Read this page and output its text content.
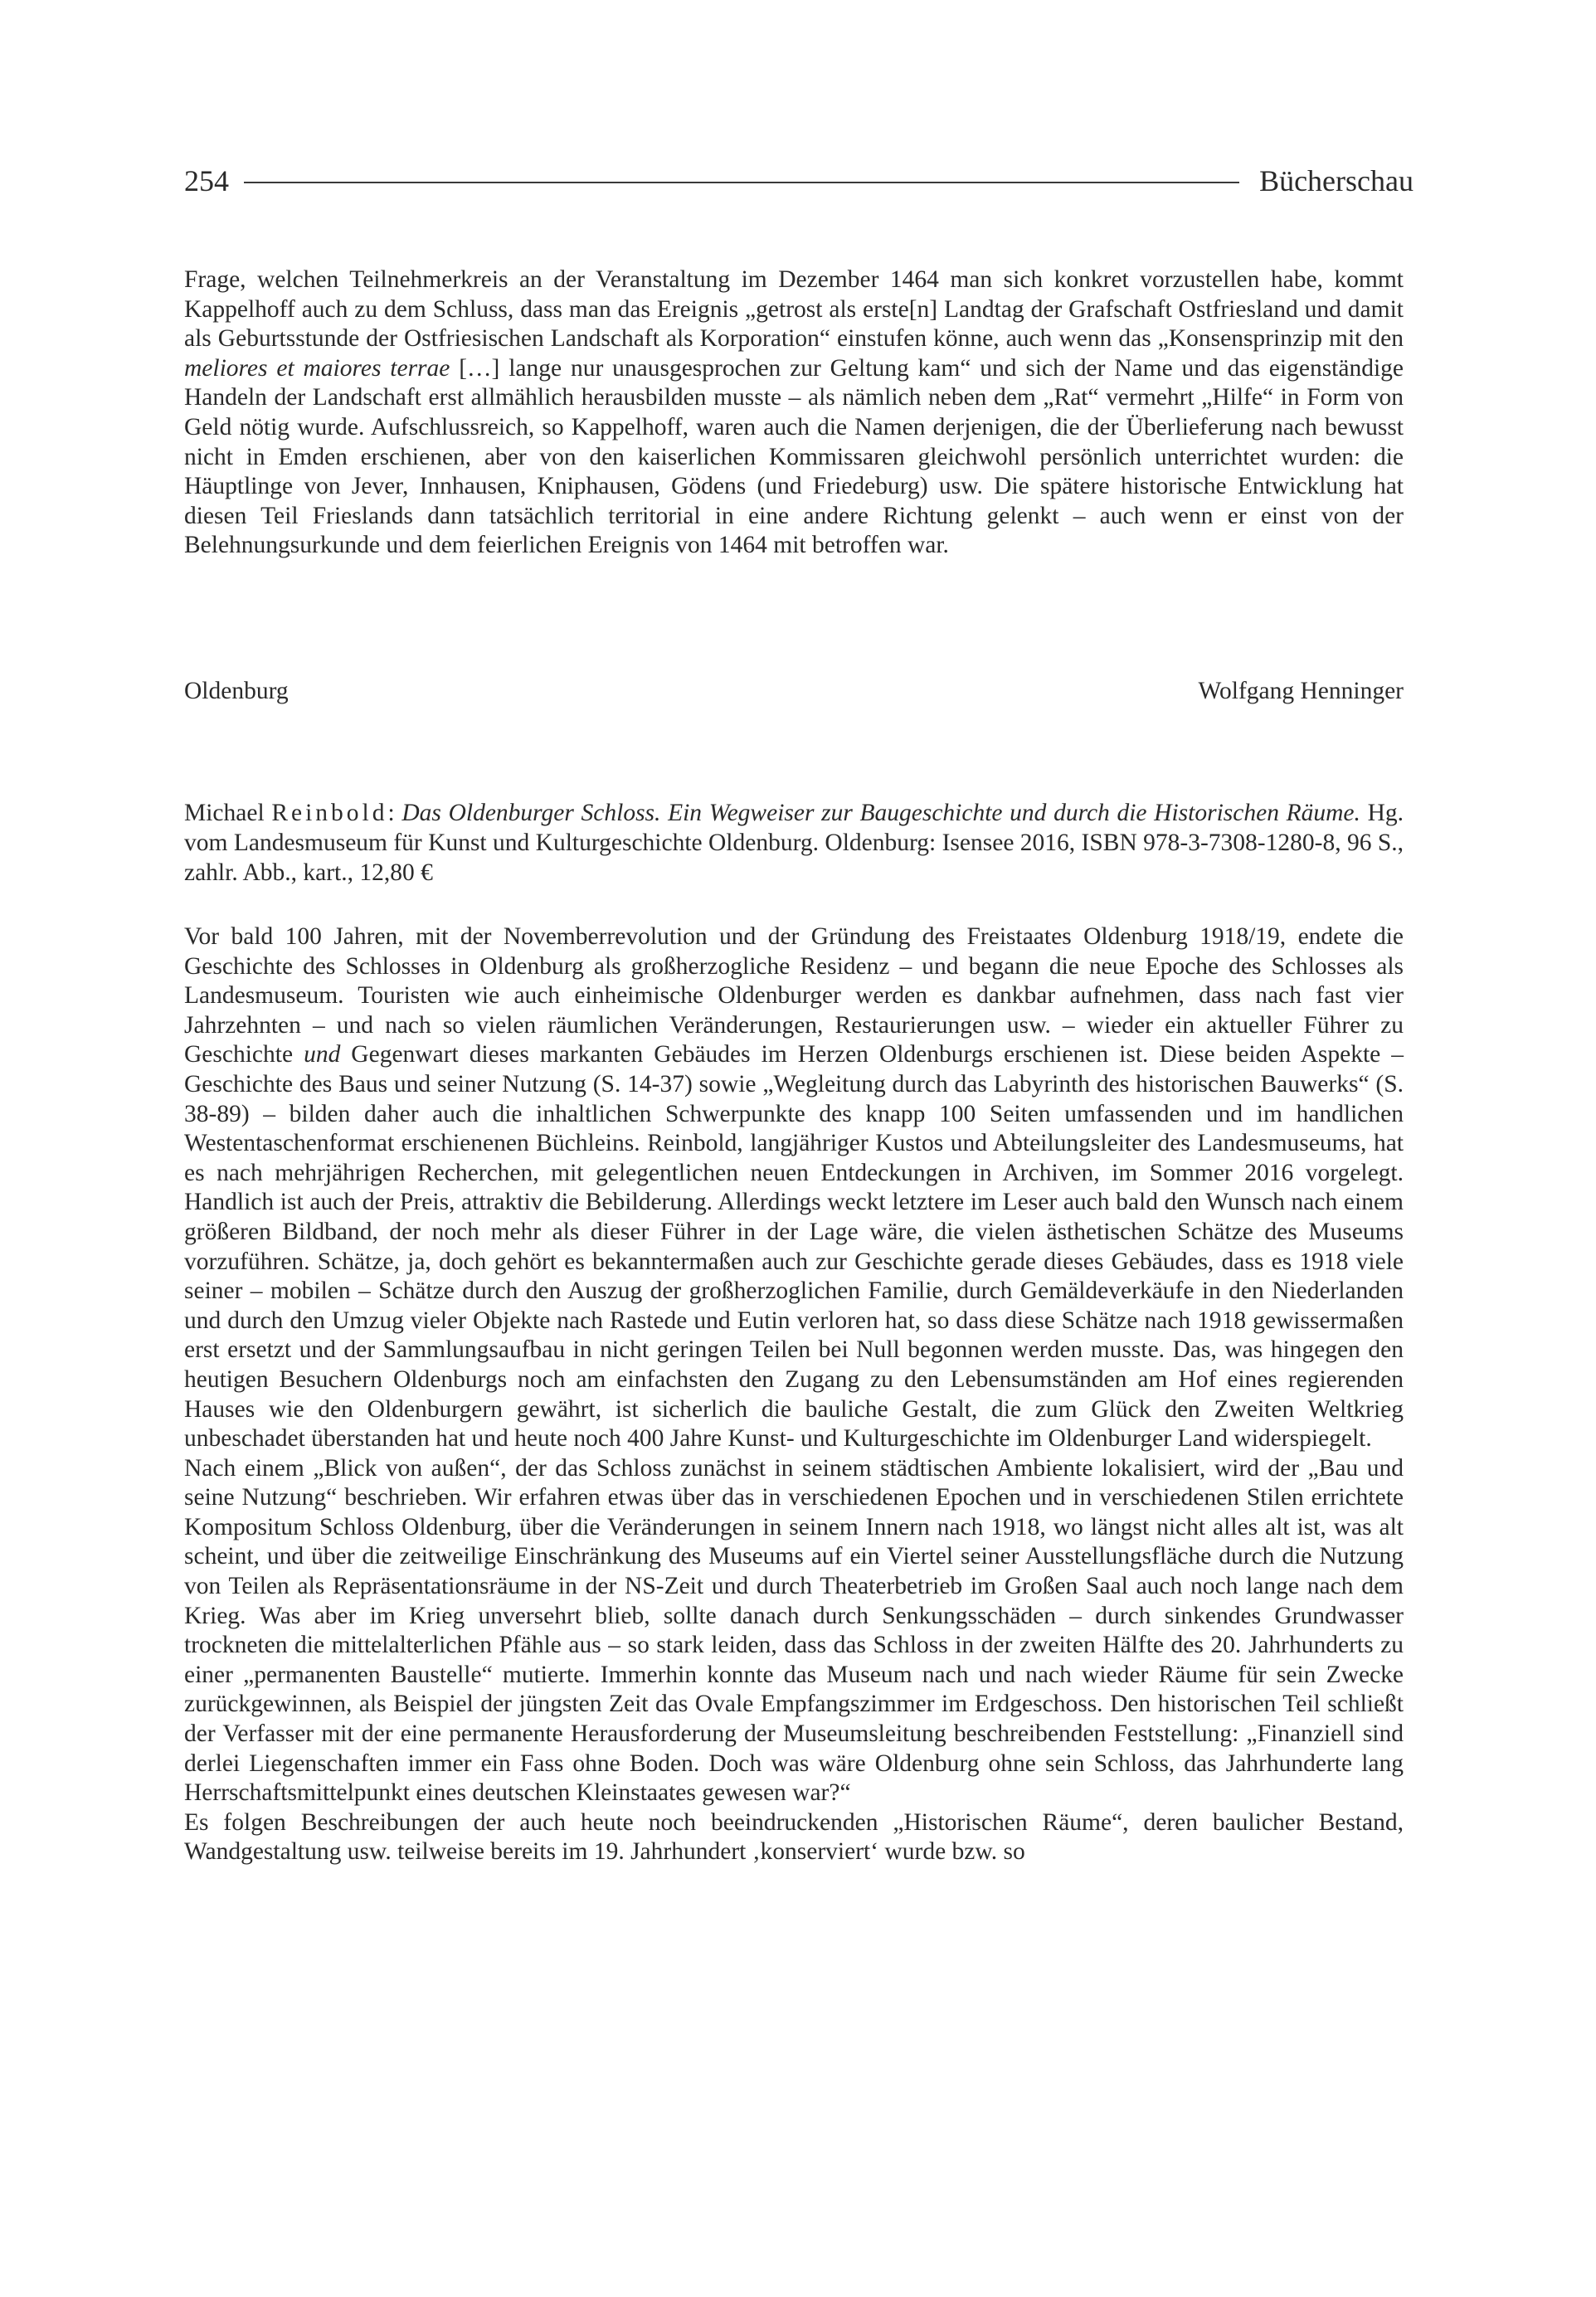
254	Bücherschau

Frage, welchen Teilnehmerkreis an der Veranstaltung im Dezember 1464 man sich konkret vorzustellen habe, kommt Kappelhoff auch zu dem Schluss, dass man das Ereignis „getrost als erste[n] Landtag der Grafschaft Ostfriesland und damit als Geburtsstunde der Ostfriesischen Landschaft als Korporation“ einstufen könne, auch wenn das „Konsensprinzip mit den meliores et maiores terrae […] lange nur unausgesprochen zur Geltung kam“ und sich der Name und das eigenständige Handeln der Landschaft erst allmählich herausbilden musste – als nämlich neben dem „Rat“ vermehrt „Hilfe“ in Form von Geld nötig wurde. Aufschlussreich, so Kappelhoff, waren auch die Namen derjenigen, die der Überlieferung nach bewusst nicht in Emden erschienen, aber von den kaiserlichen Kommissaren gleichwohl persönlich unterrichtet wurden: die Häuptlinge von Jever, Innhausen, Kniphausen, Gödens (und Friedeburg) usw. Die spätere historische Entwicklung hat diesen Teil Frieslands dann tatsächlich territorial in eine andere Richtung gelenkt – auch wenn er einst von der Belehnungsurkunde und dem feierlichen Ereignis von 1464 mit betroffen war.

Oldenburg	Wolfgang Henninger

Michael Reinbold: Das Oldenburger Schloss. Ein Wegweiser zur Baugeschichte und durch die Historischen Räume. Hg. vom Landesmuseum für Kunst und Kulturgeschichte Oldenburg. Oldenburg: Isensee 2016, ISBN 978-3-7308-1280-8, 96 S., zahlr. Abb., kart., 12,80 €

Vor bald 100 Jahren, mit der Novemberrevolution und der Gründung des Freistaates Oldenburg 1918/19, endete die Geschichte des Schlosses in Oldenburg als großherzogliche Residenz – und begann die neue Epoche des Schlosses als Landesmuseum. Touristen wie auch einheimische Oldenburger werden es dankbar aufnehmen, dass nach fast vier Jahrzehnten – und nach so vielen räumlichen Veränderungen, Restaurierungen usw. – wieder ein aktueller Führer zu Geschichte und Gegenwart dieses markanten Gebäudes im Herzen Oldenburgs erschienen ist. Diese beiden Aspekte – Geschichte des Baus und seiner Nutzung (S. 14-37) sowie „Wegleitung durch das Labyrinth des historischen Bauwerks“ (S. 38-89) – bilden daher auch die inhaltlichen Schwerpunkte des knapp 100 Seiten umfassenden und im handlichen Westentaschenformat erschienenen Büchleins. Reinbold, langjähriger Kustos und Abteilungsleiter des Landesmuseums, hat es nach mehrjährigen Recherchen, mit gelegentlichen neuen Entdeckungen in Archiven, im Sommer 2016 vorgelegt. Handlich ist auch der Preis, attraktiv die Bebilderung. Allerdings weckt letztere im Leser auch bald den Wunsch nach einem größeren Bildband, der noch mehr als dieser Führer in der Lage wäre, die vielen ästhetischen Schätze des Museums vorzuführen. Schätze, ja, doch gehört es bekanntermaßen auch zur Geschichte gerade dieses Gebäudes, dass es 1918 viele seiner – mobilen – Schätze durch den Auszug der großherzoglichen Familie, durch Gemäldeverkäufe in den Niederlanden und durch den Umzug vieler Objekte nach Rastede und Eutin verloren hat, so dass diese Schätze nach 1918 gewissermaßen erst ersetzt und der Sammlungsaufbau in nicht geringen Teilen bei Null begonnen werden musste. Das, was hingegen den heutigen Besuchern Oldenburgs noch am einfachsten den Zugang zu den Lebensumständen am Hof eines regierenden Hauses wie den Oldenburgern gewährt, ist sicherlich die bauliche Gestalt, die zum Glück den Zweiten Weltkrieg unbeschadet überstanden hat und heute noch 400 Jahre Kunst- und Kulturgeschichte im Oldenburger Land widerspiegelt.

Nach einem „Blick von außen“, der das Schloss zunächst in seinem städtischen Ambiente lokalisiert, wird der „Bau und seine Nutzung“ beschrieben. Wir erfahren etwas über das in verschiedenen Epochen und in verschiedenen Stilen errichtete Kompositum Schloss Oldenburg, über die Veränderungen in seinem Innern nach 1918, wo längst nicht alles alt ist, was alt scheint, und über die zeitweilige Einschränkung des Museums auf ein Viertel seiner Ausstellungsfläche durch die Nutzung von Teilen als Repräsentationsräume in der NS-Zeit und durch Theaterbetrieb im Großen Saal auch noch lange nach dem Krieg. Was aber im Krieg unversehrt blieb, sollte danach durch Senkungsschäden – durch sinkendes Grundwasser trockneten die mittelalterlichen Pfähle aus – so stark leiden, dass das Schloss in der zweiten Hälfte des 20. Jahrhunderts zu einer „permanenten Baustelle“ mutierte. Immerhin konnte das Museum nach und nach wieder Räume für sein Zwecke zurückgewinnen, als Beispiel der jüngsten Zeit das Ovale Empfangszimmer im Erdgeschoss. Den historischen Teil schließt der Verfasser mit der eine permanente Herausforderung der Museumsleitung beschreibenden Feststellung: „Finanziell sind derlei Liegenschaften immer ein Fass ohne Boden. Doch was wäre Oldenburg ohne sein Schloss, das Jahrhunderte lang Herrschaftsmittelpunkt eines deutschen Kleinstaates gewesen war?“

Es folgen Beschreibungen der auch heute noch beeindruckenden „Historischen Räume“, deren baulicher Bestand, Wandgestaltung usw. teilweise bereits im 19. Jahrhundert ‚konserviert‘ wurde bzw. so
